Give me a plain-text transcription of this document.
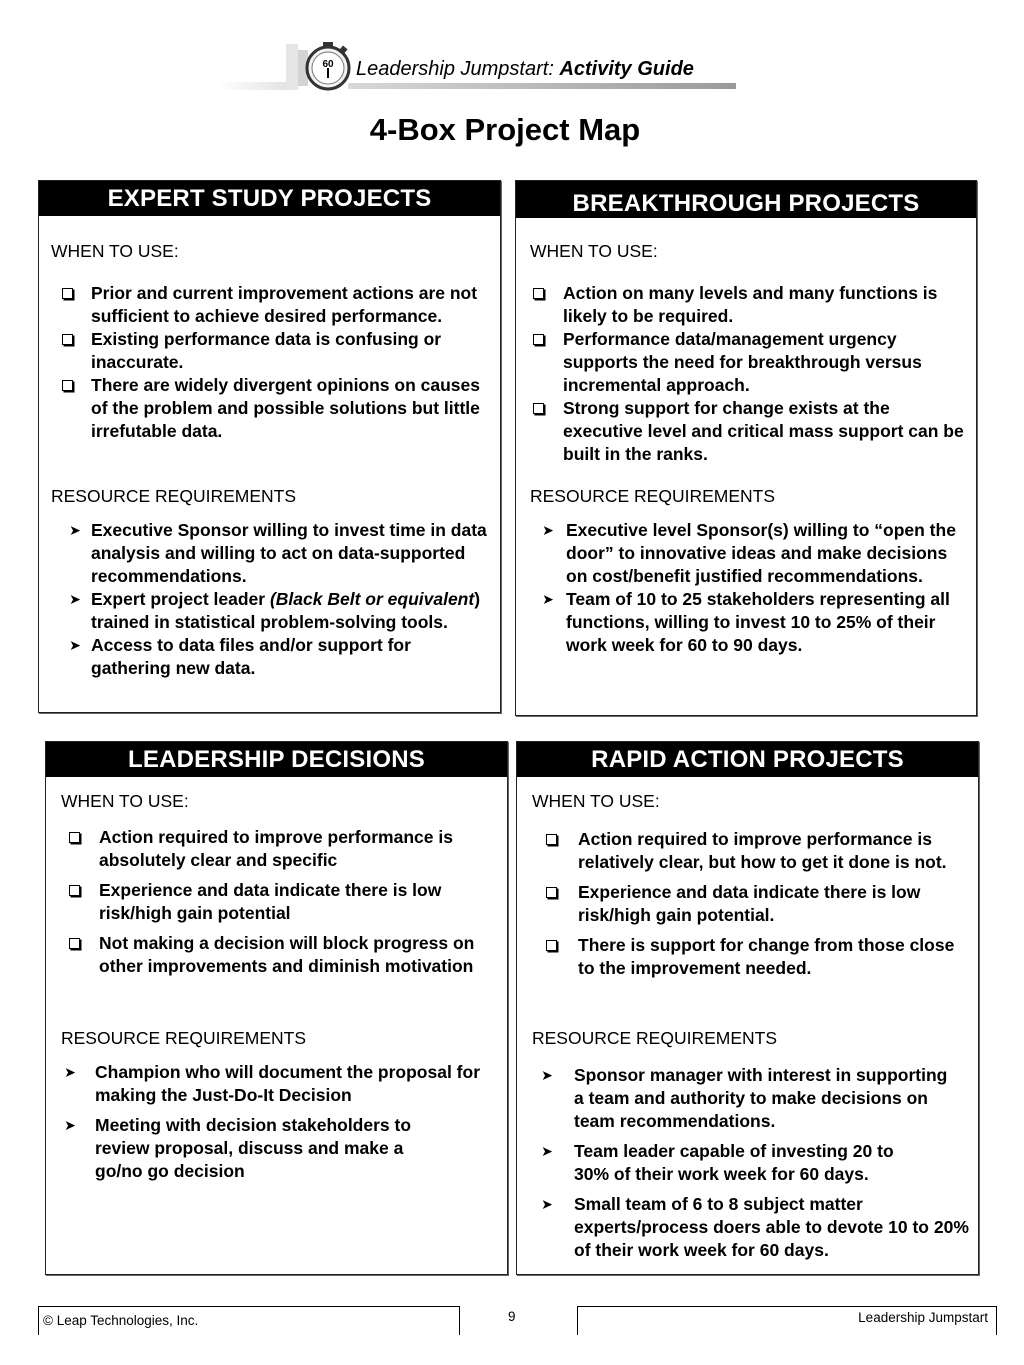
60 Leadership Jumpstart: Activity Guide
4-Box Project Map
EXPERT STUDY PROJECTS
WHEN TO USE:
Prior and current improvement actions are not sufficient to achieve desired performance.
Existing performance data is confusing or inaccurate.
There are widely divergent opinions on causes of the problem and possible solutions but little irrefutable data.
RESOURCE REQUIREMENTS
➤ Executive Sponsor willing to invest time in data analysis and willing to act on data-supported recommendations.
➤ Expert project leader (Black Belt or equivalent) trained in statistical problem-solving tools.
➤ Access to data files and/or support for gathering new data.
BREAKTHROUGH PROJECTS
WHEN TO USE:
Action on many levels and many functions is likely to be required.
Performance data/management urgency supports the need for breakthrough versus incremental approach.
Strong support for change exists at the executive level and critical mass support can be built in the ranks.
RESOURCE REQUIREMENTS
➤ Executive level Sponsor(s) willing to “open the door” to innovative ideas and make decisions on cost/benefit justified recommendations.
➤ Team of 10 to 25 stakeholders representing all functions, willing to invest 10 to 25% of their work week for 60 to 90 days.
LEADERSHIP DECISIONS
WHEN TO USE:
Action required to improve performance is absolutely clear and specific
Experience and data indicate there is low risk/high gain potential
Not making a decision will block progress on other improvements and diminish motivation
RESOURCE REQUIREMENTS
➤	Champion who will document the proposal for making the Just-Do-It Decision
➤	Meeting with decision stakeholders to review proposal, discuss and make a go/no go decision
RAPID ACTION PROJECTS
WHEN TO USE:
Action required to improve performance is relatively clear, but how to get it done is not.
Experience and data indicate there is low risk/high gain potential.
There is support for change from those close to the improvement needed.
RESOURCE REQUIREMENTS
➤	Sponsor manager with interest in supporting a team and authority to make decisions on team recommendations.
➤	Team leader capable of investing 20 to 30% of their work week for 60 days.
➤	Small team of 6 to 8 subject matter experts/process doers able to devote 10 to 20% of their work week for 60 days.
© Leap Technologies, Inc.	9	Leadership Jumpstart
